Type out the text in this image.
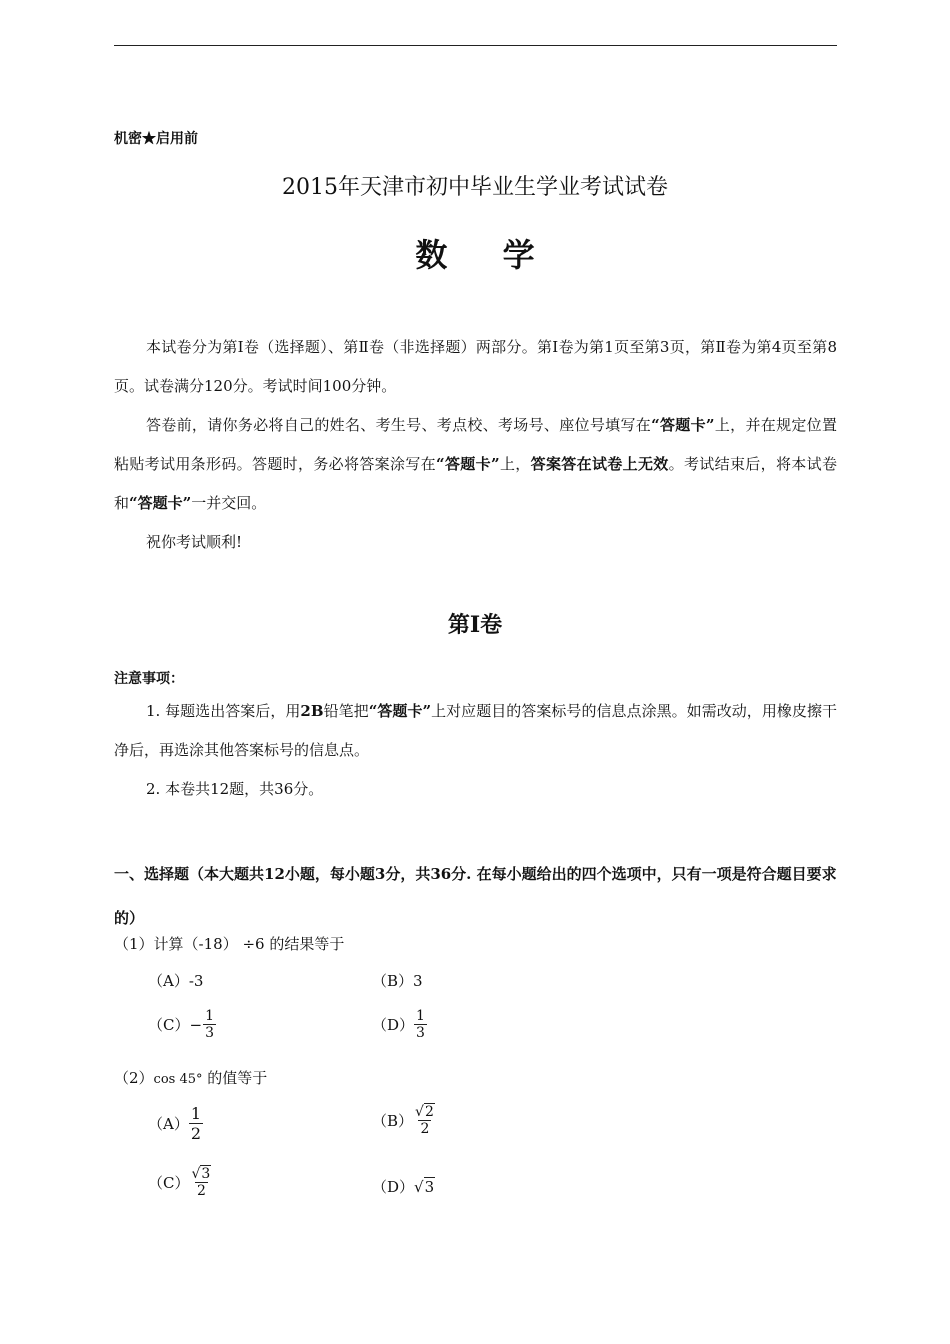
机密★启用前
2015年天津市初中毕业生学业考试试卷
数 学

本试卷分为第Ⅰ卷（选择题）、第Ⅱ卷（非选择题）两部分。第Ⅰ卷为第1页至第3页，第Ⅱ卷为第4页至第8页。试卷满分120分。考试时间100分钟。

答卷前，请你务必将自己的姓名、考生号、考点校、考场号、座位号填写在“答题卡”上，并在规定位置粘贴考试用条形码。答题时，务必将答案涂写在“答题卡”上，答案答在试卷上无效。考试结束后，将本试卷和“答题卡”一并交回。

祝你考试顺利!

第Ⅰ卷
注意事项：

1. 每题选出答案后，用2B铅笔把“答题卡”上对应题目的答案标号的信息点涂黑。如需改动，用橡皮擦干净后，再选涂其他答案标号的信息点。

2. 本卷共12题，共36分。

一、选择题（本大题共12小题，每小题3分，共36分. 在每小题给出的四个选项中，只有一项是符合题目要求的）

（1）计算（-18） ÷6 的结果等于
（A）-3	（B）3
$(C)- \frac{1}{3}$	$(D) \frac{1}{3}$
（2）cos 45° 的值等于
$(A) \frac{1}{2}$	$(B) \frac{√2}{2}$
$(C) \frac{√3}{2}$	（D）√3
